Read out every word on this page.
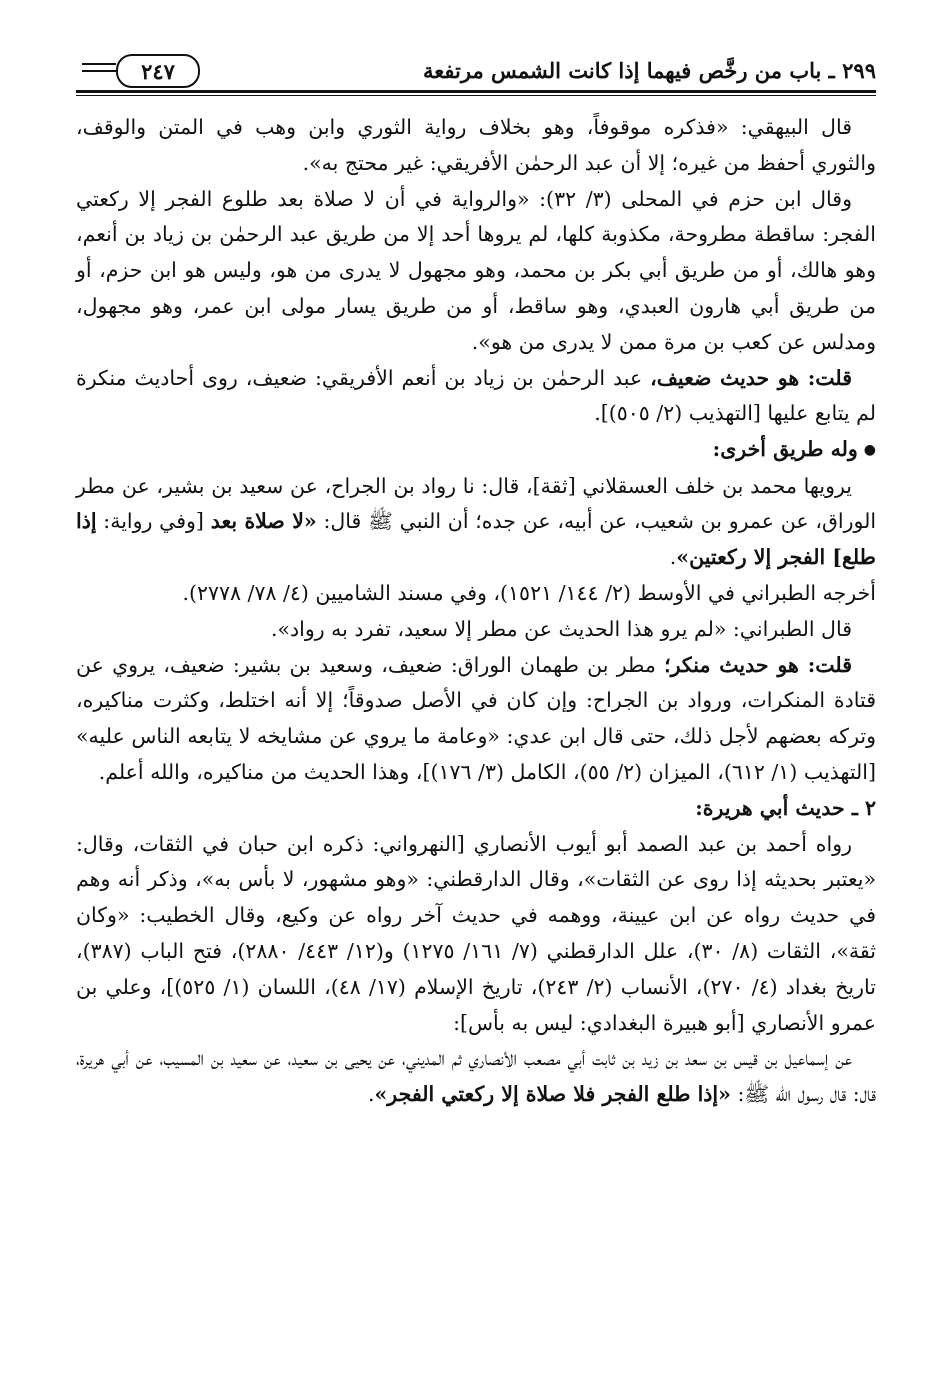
٢٩٩ ـ باب من رخَّص فيهما إذا كانت الشمس مرتفعة
٢٤٧

قال البيهقي: «فذكره موقوفاً، وهو بخلاف رواية الثوري وابن وهب في المتن والوقف، والثوري أحفظ من غيره؛ إلا أن عبد الرحمٰن الأفريقي: غير محتج به».

وقال ابن حزم في المحلى (٣/ ٣٢): «والرواية في أن لا صلاة بعد طلوع الفجر إلا ركعتي الفجر: ساقطة مطروحة، مكذوبة كلها، لم يروها أحد إلا من طريق عبد الرحمٰن بن زياد بن أنعم، وهو هالك، أو من طريق أبي بكر بن محمد، وهو مجهول لا يدرى من هو، وليس هو ابن حزم، أو من طريق أبي هارون العبدي، وهو ساقط، أو من طريق يسار مولى ابن عمر، وهو مجهول، ومدلس عن كعب بن مرة ممن لا يدرى من هو».

قلت: هو حديث ضعيف، عبد الرحمٰن بن زياد بن أنعم الأفريقي: ضعيف، روى أحاديث منكرة لم يتابع عليها [التهذيب (٢/ ٥٠٥)].

●وله طريق أخرى:

يرويها محمد بن خلف العسقلاني [ثقة]، قال: نا رواد بن الجراح، عن سعيد بن بشير، عن مطر الوراق، عن عمرو بن شعيب، عن أبيه، عن جده؛ أن النبي ﷺ قال: «لا صلاة بعد [وفي رواية: إذا طلع] الفجر إلا ركعتين».

أخرجه الطبراني في الأوسط (٢/ ١٤٤/ ١٥٢١)، وفي مسند الشاميين (٤/ ٧٨/ ٢٧٧٨).

قال الطبراني: «لم يرو هذا الحديث عن مطر إلا سعيد، تفرد به رواد».

قلت: هو حديث منكر؛ مطر بن طهمان الوراق: ضعيف، وسعيد بن بشير: ضعيف، يروي عن قتادة المنكرات، ورواد بن الجراح: وإن كان في الأصل صدوقاً؛ إلا أنه اختلط، وكثرت مناكيره، وتركه بعضهم لأجل ذلك، حتى قال ابن عدي: «وعامة ما يروي عن مشايخه لا يتابعه الناس عليه» [التهذيب (١/ ٦١٢)، الميزان (٢/ ٥٥)، الكامل (٣/ ١٧٦)]، وهذا الحديث من مناكيره، والله أعلم.

٢ ـ حديث أبي هريرة:

رواه أحمد بن عبد الصمد أبو أيوب الأنصاري [النهرواني: ذكره ابن حبان في الثقات، وقال: «يعتبر بحديثه إذا روى عن الثقات»، وقال الدارقطني: «وهو مشهور، لا بأس به»، وذكر أنه وهم في حديث رواه عن ابن عيينة، ووهمه في حديث آخر رواه عن وكيع، وقال الخطيب: «وكان ثقة»، الثقات (٨/ ٣٠)، علل الدارقطني (٧/ ١٦١/ ١٢٧٥) و(١٢/ ٤٤٣/ ٢٨٨٠)، فتح الباب (٣٨٧)، تاريخ بغداد (٤/ ٢٧٠)، الأنساب (٢/ ٢٤٣)، تاريخ الإسلام (١٧/ ٤٨)، اللسان (١/ ٥٢٥)]، وعلي بن عمرو الأنصاري [أبو هبيرة البغدادي: ليس به بأس]:

عن إسماعيل بن قيس بن سعد بن زيد بن ثابت أبي مصعب الأنصاري ثم المديني، عن يحيى بن سعيد، عن سعيد بن المسيب، عن أبي هريرة، قال: قال رسول الله ﷺ: «إذا طلع الفجر فلا صلاة إلا ركعتي الفجر».
